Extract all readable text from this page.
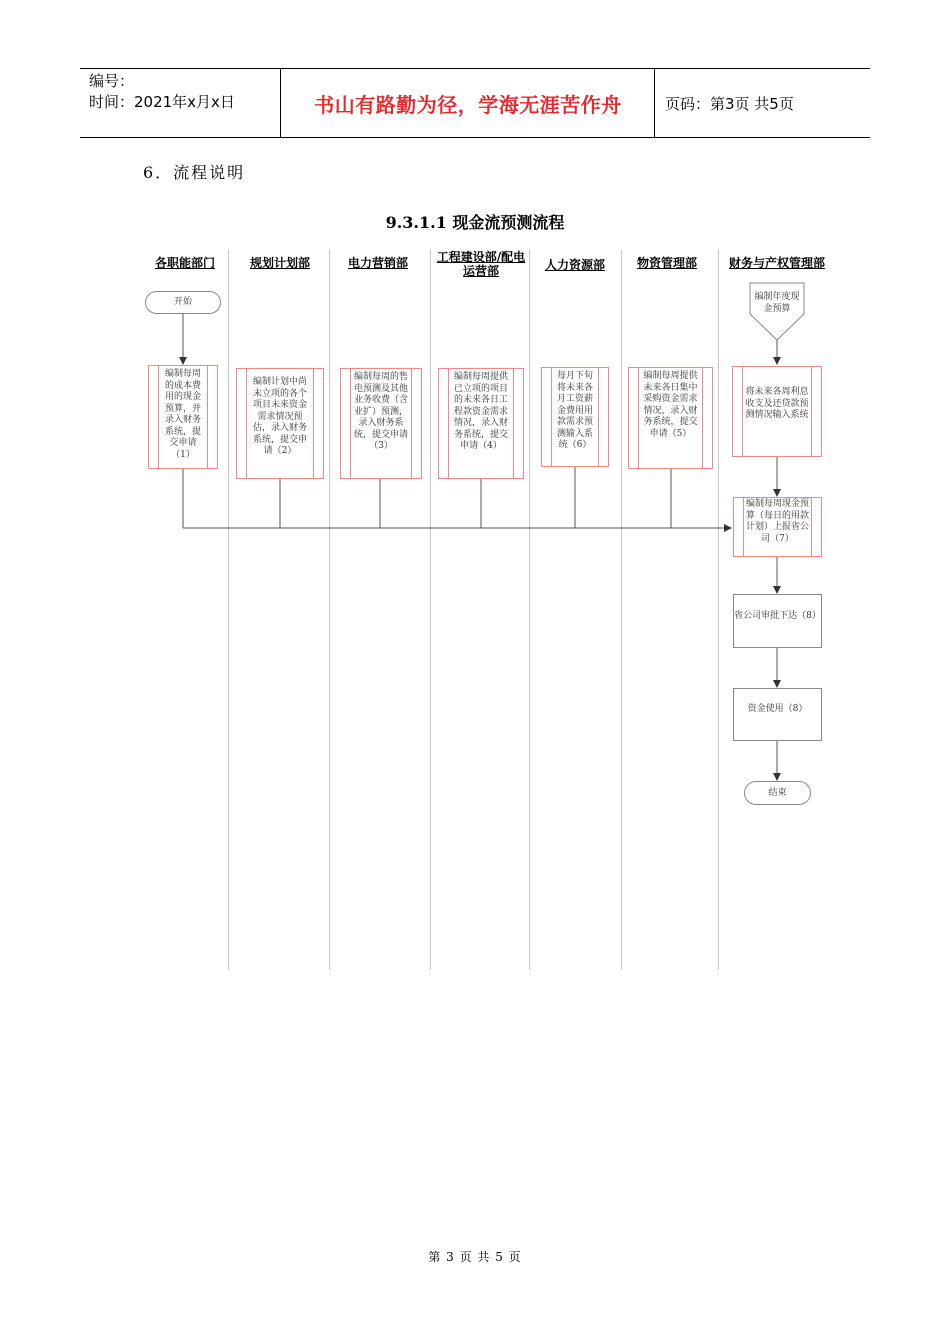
编号：
时间：2021年x月x日	书山有路勤为径，学海无涯苦作舟	页码：第3页 共5页
6．流程说明
9.3.1.1 现金流预测流程
各职能部门	规划计划部	电力营销部	工程建设部/配电运营部	人力资源部	物资管理部	财务与产权管理部
开始	编制年度现金预算
编制每周的成本费用的现金预算，并录入财务系统，提交申请（1）
编制计划中尚未立项的各个项目未来资金需求情况预估，录入财务系统，提交申请（2）
编制每周的售电预测及其他业务收费（含业扩）预测，录入财务系统，提交申请（3）
编制每周提供已立项的项目的未来各日工程款资金需求情况，录入财务系统，提交申请（4）
每月下旬将未来各月工资薪金费用用款需求预测输入系统（6）
编制每周提供未来各日集中采购资金需求情况，录入财务系统，提交申请（5）
将未来各周利息收支及还贷款预测情况输入系统
编制每周现金预算（每日的用款计划）上报省公司（7）
省公司审批下达（8）
资金使用（8）
结束
第 3 页 共 5 页
